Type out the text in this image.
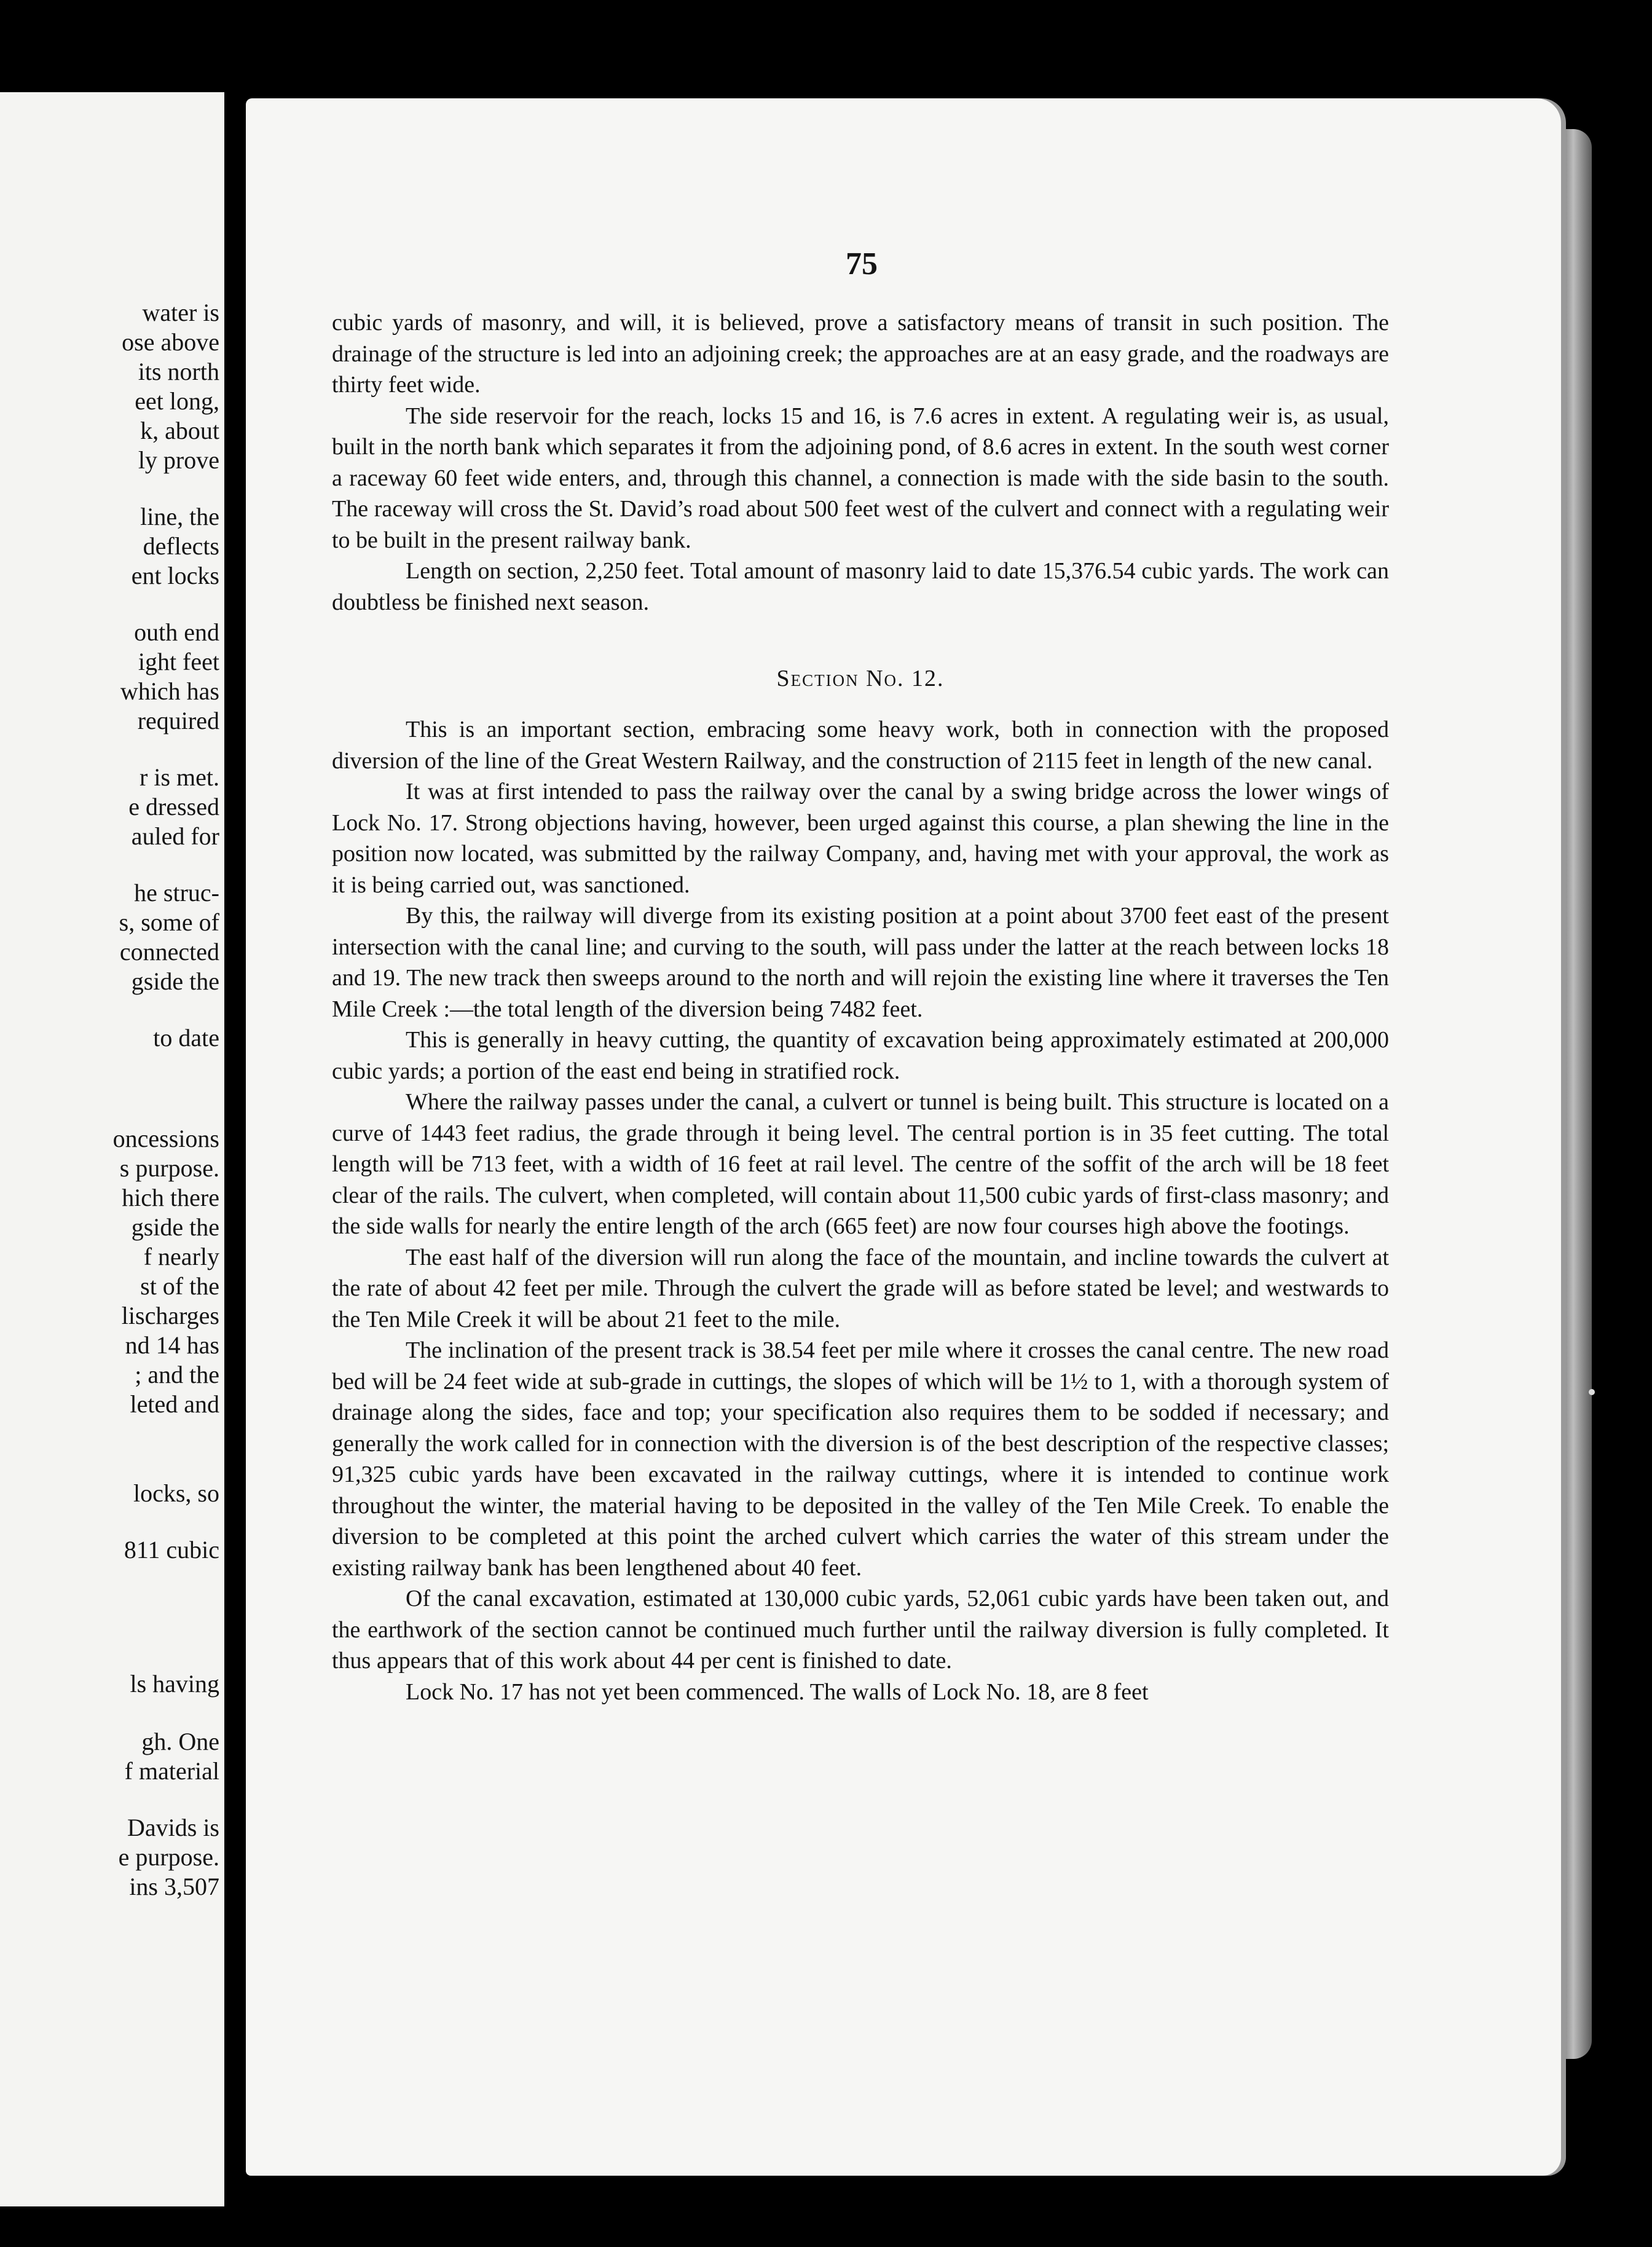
water is
ose above
its north
eet long,
k, about
ly prove
line, the
deflects
ent locks
outh end
ight feet
which has
required
r is met.
e dressed
auled for
he struc-
s, some of
connected
gside the
to date
oncessions
s purpose.
hich there
gside the
f nearly
st of the
lischarges
nd 14 has
; and the
leted and
locks, so
811 cubic
ls having
gh. One
f material
Davids is
e purpose.
ins 3,507
75

cubic yards of masonry, and will, it is believed, prove a satisfactory means of transit in such position. The drainage of the structure is led into an adjoining creek; the approaches are at an easy grade, and the roadways are thirty feet wide.

The side reservoir for the reach, locks 15 and 16, is 7.6 acres in extent. A regulating weir is, as usual, built in the north bank which separates it from the adjoining pond, of 8.6 acres in extent. In the south west corner a raceway 60 feet wide enters, and, through this channel, a connection is made with the side basin to the south. The raceway will cross the St. David’s road about 500 feet west of the culvert and connect with a regulating weir to be built in the present railway bank.

Length on section, 2,250 feet. Total amount of masonry laid to date 15,376.54 cubic yards. The work can doubtless be finished next season.

Section No. 12.

This is an important section, embracing some heavy work, both in connection with the proposed diversion of the line of the Great Western Railway, and the construction of 2115 feet in length of the new canal.

It was at first intended to pass the railway over the canal by a swing bridge across the lower wings of Lock No. 17. Strong objections having, however, been urged against this course, a plan shewing the line in the position now located, was submitted by the railway Company, and, having met with your approval, the work as it is being carried out, was sanctioned.

By this, the railway will diverge from its existing position at a point about 3700 feet east of the present intersection with the canal line; and curving to the south, will pass under the latter at the reach between locks 18 and 19. The new track then sweeps around to the north and will rejoin the existing line where it traverses the Ten Mile Creek :—the total length of the diversion being 7482 feet.

This is generally in heavy cutting, the quantity of excavation being approximately estimated at 200,000 cubic yards; a portion of the east end being in stratified rock.

Where the railway passes under the canal, a culvert or tunnel is being built. This structure is located on a curve of 1443 feet radius, the grade through it being level. The central portion is in 35 feet cutting. The total length will be 713 feet, with a width of 16 feet at rail level. The centre of the soffit of the arch will be 18 feet clear of the rails. The culvert, when completed, will contain about 11,500 cubic yards of first-class masonry; and the side walls for nearly the entire length of the arch (665 feet) are now four courses high above the footings.

The east half of the diversion will run along the face of the mountain, and incline towards the culvert at the rate of about 42 feet per mile. Through the culvert the grade will as before stated be level; and westwards to the Ten Mile Creek it will be about 21 feet to the mile.

The inclination of the present track is 38.54 feet per mile where it crosses the canal centre. The new road bed will be 24 feet wide at sub-grade in cuttings, the slopes of which will be 1½ to 1, with a thorough system of drainage along the sides, face and top; your specification also requires them to be sodded if necessary; and generally the work called for in connection with the diversion is of the best description of the respective classes; 91,325 cubic yards have been excavated in the railway cuttings, where it is intended to continue work throughout the winter, the material having to be deposited in the valley of the Ten Mile Creek. To enable the diversion to be completed at this point the arched culvert which carries the water of this stream under the existing railway bank has been lengthened about 40 feet.

Of the canal excavation, estimated at 130,000 cubic yards, 52,061 cubic yards have been taken out, and the earthwork of the section cannot be continued much further until the railway diversion is fully completed. It thus appears that of this work about 44 per cent is finished to date.

Lock No. 17 has not yet been commenced. The walls of Lock No. 18, are 8 feet
